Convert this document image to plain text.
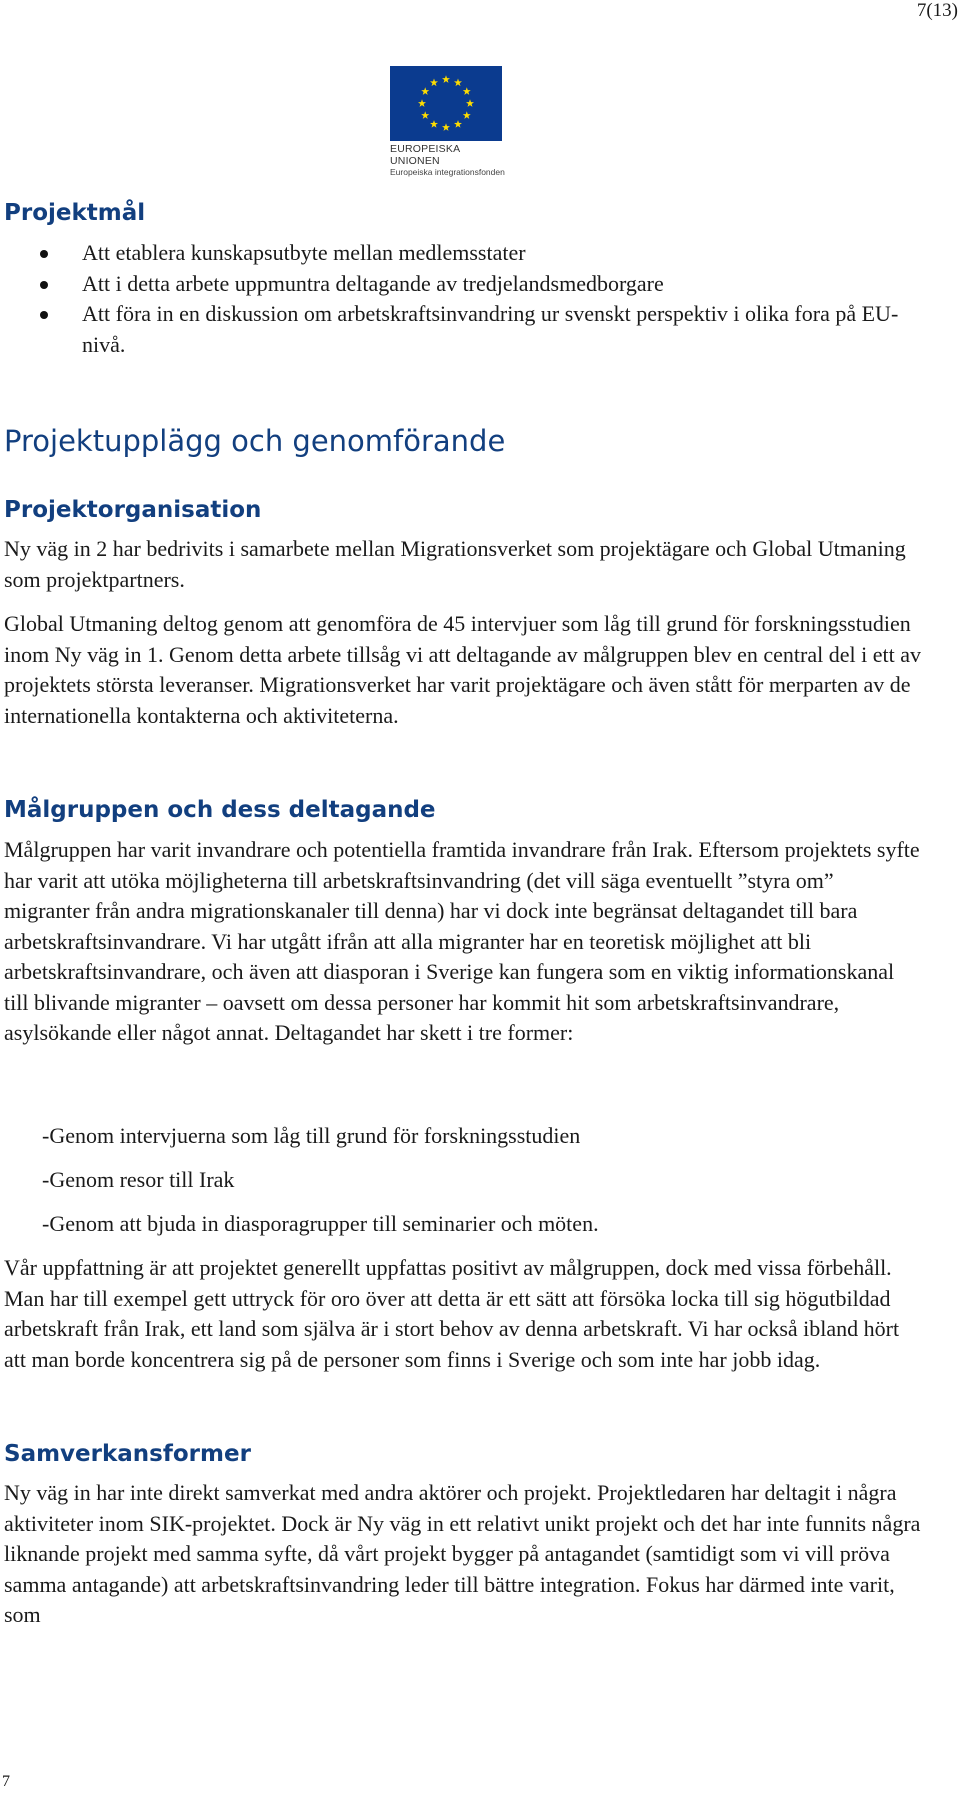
7(13)
EUROPEISKA UNIONEN
Europeiska integrationsfonden
Projektmål
Att etablera kunskapsutbyte mellan medlemsstater
Att i detta arbete uppmuntra deltagande av tredjelandsmedborgare
Att föra in en diskussion om arbetskraftsinvandring ur svenskt perspektiv i olika fora på EU-nivå.
Projektupplägg och genomförande
Projektorganisation

Ny väg in 2 har bedrivits i samarbete mellan Migrationsverket som projektägare och Global Utmaning som projektpartners.

Global Utmaning deltog genom att genomföra de 45 intervjuer som låg till grund för forskningsstudien inom Ny väg in 1. Genom detta arbete tillsåg vi att deltagande av målgruppen blev en central del i ett av projektets största leveranser. Migrationsverket har varit projektägare och även stått för merparten av de internationella kontakterna och aktiviteterna.

Målgruppen och dess deltagande

Målgruppen har varit invandrare och potentiella framtida invandrare från Irak. Eftersom projektets syfte har varit att utöka möjligheterna till arbetskraftsinvandring (det vill säga eventuellt ”styra om” migranter från andra migrationskanaler till denna) har vi dock inte begränsat deltagandet till bara arbetskraftsinvandrare. Vi har utgått ifrån att alla migranter har en teoretisk möjlighet att bli arbetskraftsinvandrare, och även att diasporan i Sverige kan fungera som en viktig informationskanal till blivande migranter – oavsett om dessa personer har kommit hit som arbetskraftsinvandrare, asylsökande eller något annat. Deltagandet har skett i tre former:

-Genom intervjuerna som låg till grund för forskningsstudien

-Genom resor till Irak

-Genom att bjuda in diasporagrupper till seminarier och möten.

Vår uppfattning är att projektet generellt uppfattas positivt av målgruppen, dock med vissa förbehåll. Man har till exempel gett uttryck för oro över att detta är ett sätt att försöka locka till sig högutbildad arbetskraft från Irak, ett land som själva är i stort behov av denna arbetskraft. Vi har också ibland hört att man borde koncentrera sig på de personer som finns i Sverige och som inte har jobb idag.

Samverkansformer

Ny väg in har inte direkt samverkat med andra aktörer och projekt. Projektledaren har deltagit i några aktiviteter inom SIK-projektet. Dock är Ny väg in ett relativt unikt projekt och det har inte funnits några liknande projekt med samma syfte, då vårt projekt bygger på antagandet (samtidigt som vi vill pröva samma antagande) att arbetskraftsinvandring leder till bättre integration. Fokus har därmed inte varit, som

7
